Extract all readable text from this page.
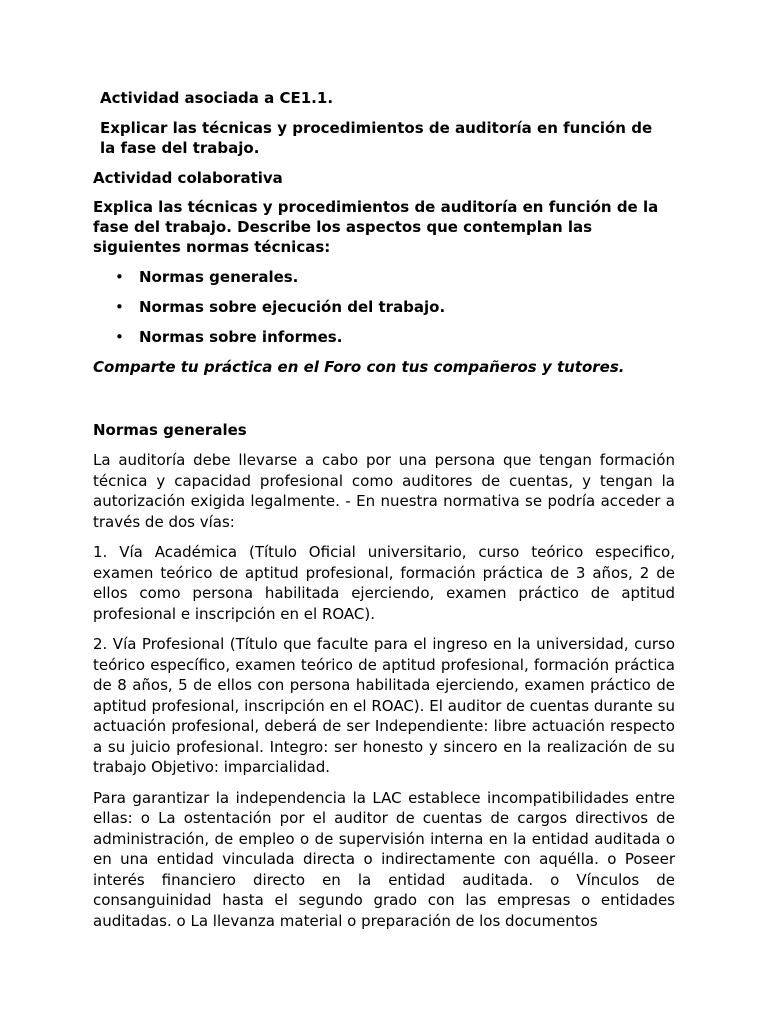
Actividad asociada a CE1.1.

Explicar las técnicas y procedimientos de auditoría en función de la fase del trabajo.

Actividad colaborativa

Explica las técnicas y procedimientos de auditoría en función de la fase del trabajo. Describe los aspectos que contemplan las siguientes normas técnicas:

• Normas generales.
• Normas sobre ejecución del trabajo.
• Normas sobre informes.

Comparte tu práctica en el Foro con tus compañeros y tutores.

Normas generales

La auditoría debe llevarse a cabo por una persona que tengan formación técnica y capacidad profesional como auditores de cuentas, y tengan la autorización exigida legalmente. - En nuestra normativa se podría acceder a través de dos vías:

1. Vía Académica (Título Oficial universitario, curso teórico especifico, examen teórico de aptitud profesional, formación práctica de 3 años, 2 de ellos como persona habilitada ejerciendo, examen práctico de aptitud profesional e inscripción en el ROAC).

2. Vía Profesional (Título que faculte para el ingreso en la universidad, curso teórico específico, examen teórico de aptitud profesional, formación práctica de 8 años, 5 de ellos con persona habilitada ejerciendo, examen práctico de aptitud profesional, inscripción en el ROAC). El auditor de cuentas durante su actuación profesional, deberá de ser Independiente: libre actuación respecto a su juicio profesional. Integro: ser honesto y sincero en la realización de su trabajo Objetivo: imparcialidad.

Para garantizar la independencia la LAC establece incompatibilidades entre ellas: o La ostentación por el auditor de cuentas de cargos directivos de administración, de empleo o de supervisión interna en la entidad auditada o en una entidad vinculada directa o indirectamente con aquélla. o Poseer interés financiero directo en la entidad auditada. o Vínculos de consanguinidad hasta el segundo grado con las empresas o entidades auditadas. o La llevanza material o preparación de los documentos
